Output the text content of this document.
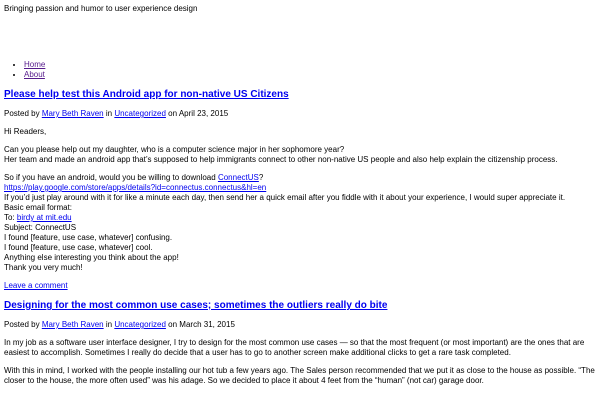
Bringing passion and humor to user experience design
• Home
• About
Please help test this Android app for non-native US Citizens
Posted by Mary Beth Raven in Uncategorized on April 23, 2015

Hi Readers,

Can you please help out my daughter, who is a computer science major in her sophomore year?
Her team and made an android app that’s supposed to help immigrants connect to other non-native US people and also help explain the citizenship process.

So if you have an android, would you be willing to download ConnectUS?
https://play.google.com/store/apps/details?id=connectus.connectus&hl=en
If you’d just play around with it for like a minute each day, then send her a quick email after you fiddle with it about your experience, I would super appreciate it.
Basic email format:
To: birdy at mit.edu
Subject: ConnectUS
I found [feature, use case, whatever] confusing.
I found [feature, use case, whatever] cool.
Anything else interesting you think about the app!
Thank you very much!

Leave a comment
Designing for the most common use cases; sometimes the outliers really do bite
Posted by Mary Beth Raven in Uncategorized on March 31, 2015

In my job as a software user interface designer, I try to design for the most common use cases — so that the most frequent (or most important) are the ones that are
easiest to accomplish. Sometimes I really do decide that a user has to go to another screen make additional clicks to get a rare task completed.

With this in mind, I worked with the people installing our hot tub a few years ago. The Sales person recommended that we put it as close to the house as possible. “The
closer to the house, the more often used” was his adage. So we decided to place it about 4 feet from the “human” (not car) garage door.
